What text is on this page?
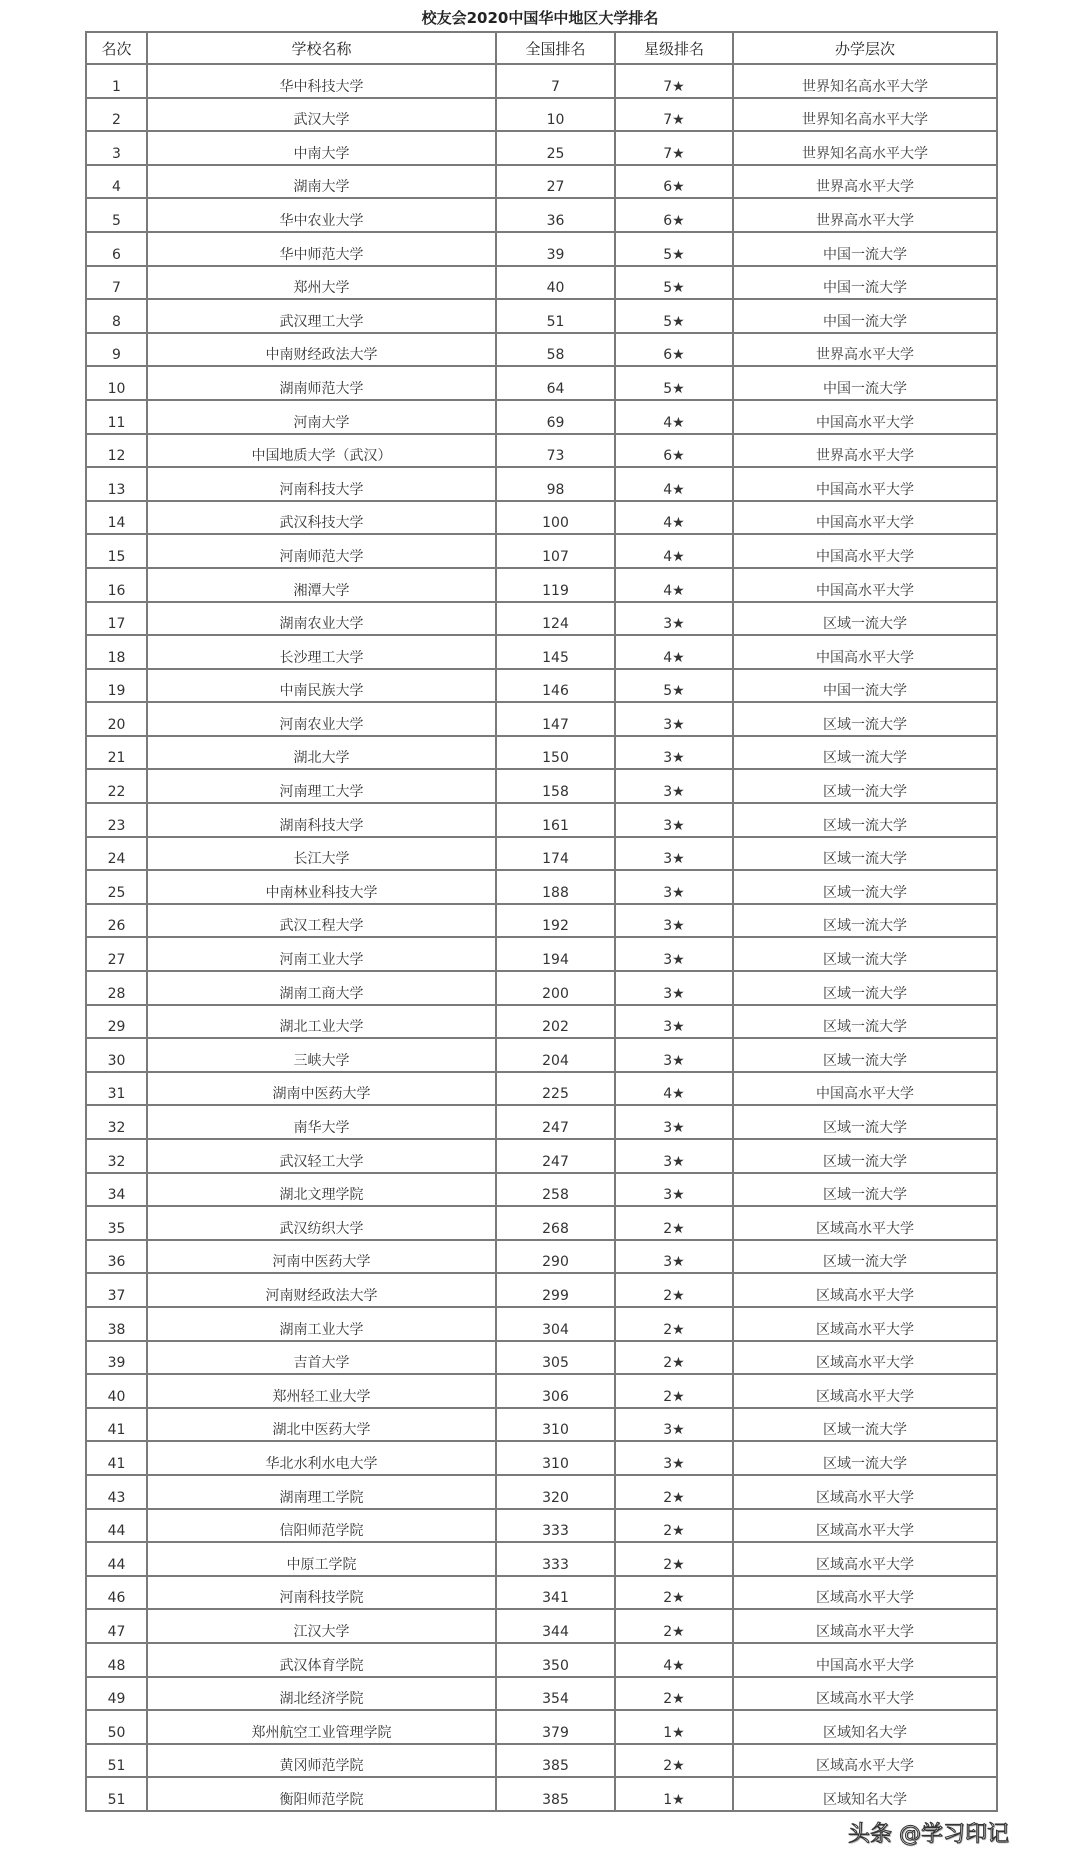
校友会2020中国华中地区大学排名
名次	学校名称	全国排名	星级排名	办学层次
1	华中科技大学	7	7★	世界知名高水平大学
2	武汉大学	10	7★	世界知名高水平大学
3	中南大学	25	7★	世界知名高水平大学
4	湖南大学	27	6★	世界高水平大学
5	华中农业大学	36	6★	世界高水平大学
6	华中师范大学	39	5★	中国一流大学
7	郑州大学	40	5★	中国一流大学
8	武汉理工大学	51	5★	中国一流大学
9	中南财经政法大学	58	6★	世界高水平大学
10	湖南师范大学	64	5★	中国一流大学
11	河南大学	69	4★	中国高水平大学
12	中国地质大学（武汉）	73	6★	世界高水平大学
13	河南科技大学	98	4★	中国高水平大学
14	武汉科技大学	100	4★	中国高水平大学
15	河南师范大学	107	4★	中国高水平大学
16	湘潭大学	119	4★	中国高水平大学
17	湖南农业大学	124	3★	区域一流大学
18	长沙理工大学	145	4★	中国高水平大学
19	中南民族大学	146	5★	中国一流大学
20	河南农业大学	147	3★	区域一流大学
21	湖北大学	150	3★	区域一流大学
22	河南理工大学	158	3★	区域一流大学
23	湖南科技大学	161	3★	区域一流大学
24	长江大学	174	3★	区域一流大学
25	中南林业科技大学	188	3★	区域一流大学
26	武汉工程大学	192	3★	区域一流大学
27	河南工业大学	194	3★	区域一流大学
28	湖南工商大学	200	3★	区域一流大学
29	湖北工业大学	202	3★	区域一流大学
30	三峡大学	204	3★	区域一流大学
31	湖南中医药大学	225	4★	中国高水平大学
32	南华大学	247	3★	区域一流大学
32	武汉轻工大学	247	3★	区域一流大学
34	湖北文理学院	258	3★	区域一流大学
35	武汉纺织大学	268	2★	区域高水平大学
36	河南中医药大学	290	3★	区域一流大学
37	河南财经政法大学	299	2★	区域高水平大学
38	湖南工业大学	304	2★	区域高水平大学
39	吉首大学	305	2★	区域高水平大学
40	郑州轻工业大学	306	2★	区域高水平大学
41	湖北中医药大学	310	3★	区域一流大学
41	华北水利水电大学	310	3★	区域一流大学
43	湖南理工学院	320	2★	区域高水平大学
44	信阳师范学院	333	2★	区域高水平大学
44	中原工学院	333	2★	区域高水平大学
46	河南科技学院	341	2★	区域高水平大学
47	江汉大学	344	2★	区域高水平大学
48	武汉体育学院	350	4★	中国高水平大学
49	湖北经济学院	354	2★	区域高水平大学
50	郑州航空工业管理学院	379	1★	区域知名大学
51	黄冈师范学院	385	2★	区域高水平大学
51	衡阳师范学院	385	1★	区域知名大学
头条 @学习印记
